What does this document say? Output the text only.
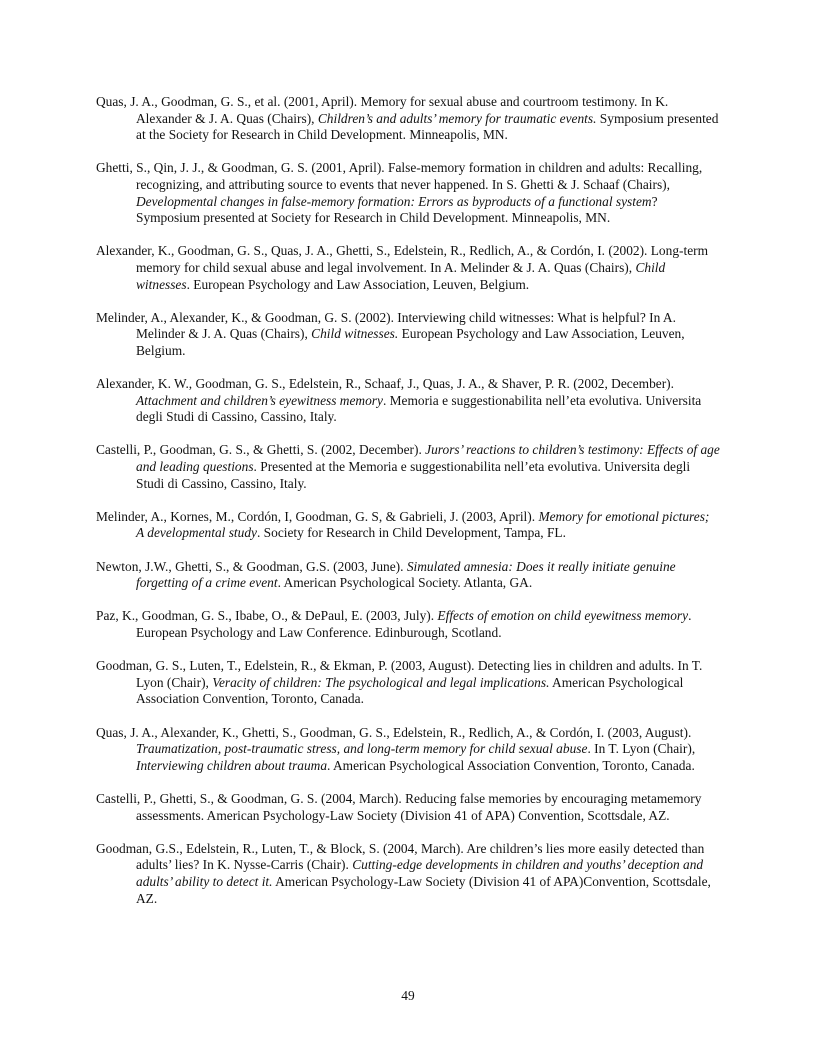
Quas, J. A., Goodman, G. S., et al. (2001, April). Memory for sexual abuse and courtroom testimony. In K. Alexander & J. A. Quas (Chairs), Children’s and adults’ memory for traumatic events. Symposium presented at the Society for Research in Child Development. Minneapolis, MN.

Ghetti, S., Qin, J. J., & Goodman, G. S. (2001, April). False-memory formation in children and adults: Recalling, recognizing, and attributing source to events that never happened. In S. Ghetti & J. Schaaf (Chairs), Developmental changes in false-memory formation: Errors as byproducts of a functional system? Symposium presented at Society for Research in Child Development. Minneapolis, MN.

Alexander, K., Goodman, G. S., Quas, J. A., Ghetti, S., Edelstein, R., Redlich, A., & Cordón, I. (2002). Long-term memory for child sexual abuse and legal involvement. In A. Melinder & J. A. Quas (Chairs), Child witnesses. European Psychology and Law Association, Leuven, Belgium.

Melinder, A., Alexander, K., & Goodman, G. S. (2002). Interviewing child witnesses: What is helpful? In A. Melinder & J. A. Quas (Chairs), Child witnesses. European Psychology and Law Association, Leuven, Belgium.

Alexander, K. W., Goodman, G. S., Edelstein, R., Schaaf, J., Quas, J. A., & Shaver, P. R. (2002, December). Attachment and children’s eyewitness memory. Memoria e suggestionabilita nell’eta evolutiva. Universita degli Studi di Cassino, Cassino, Italy.

Castelli, P., Goodman, G. S., & Ghetti, S. (2002, December). Jurors’ reactions to children’s testimony: Effects of age and leading questions. Presented at the Memoria e suggestionabilita nell’eta evolutiva. Universita degli Studi di Cassino, Cassino, Italy.

Melinder, A., Kornes, M., Cordón, I, Goodman, G. S, & Gabrieli, J. (2003, April). Memory for emotional pictures; A developmental study. Society for Research in Child Development, Tampa, FL.

Newton, J.W., Ghetti, S., & Goodman, G.S. (2003, June). Simulated amnesia: Does it really initiate genuine forgetting of a crime event. American Psychological Society. Atlanta, GA.

Paz, K., Goodman, G. S., Ibabe, O., & DePaul, E. (2003, July). Effects of emotion on child eyewitness memory. European Psychology and Law Conference. Edinburough, Scotland.

Goodman, G. S., Luten, T., Edelstein, R., & Ekman, P. (2003, August). Detecting lies in children and adults. In T. Lyon (Chair), Veracity of children: The psychological and legal implications. American Psychological Association Convention, Toronto, Canada.

Quas, J. A., Alexander, K., Ghetti, S., Goodman, G. S., Edelstein, R., Redlich, A., & Cordón, I. (2003, August). Traumatization, post-traumatic stress, and long-term memory for child sexual abuse. In T. Lyon (Chair), Interviewing children about trauma. American Psychological Association Convention, Toronto, Canada.

Castelli, P., Ghetti, S., & Goodman, G. S. (2004, March). Reducing false memories by encouraging metamemory assessments. American Psychology-Law Society (Division 41 of APA) Convention, Scottsdale, AZ.

Goodman, G.S., Edelstein, R., Luten, T., & Block, S. (2004, March). Are children’s lies more easily detected than adults’ lies? In K. Nysse-Carris (Chair). Cutting-edge developments in children and youths’ deception and adults’ ability to detect it. American Psychology-Law Society (Division 41 of APA)Convention, Scottsdale, AZ.

49
